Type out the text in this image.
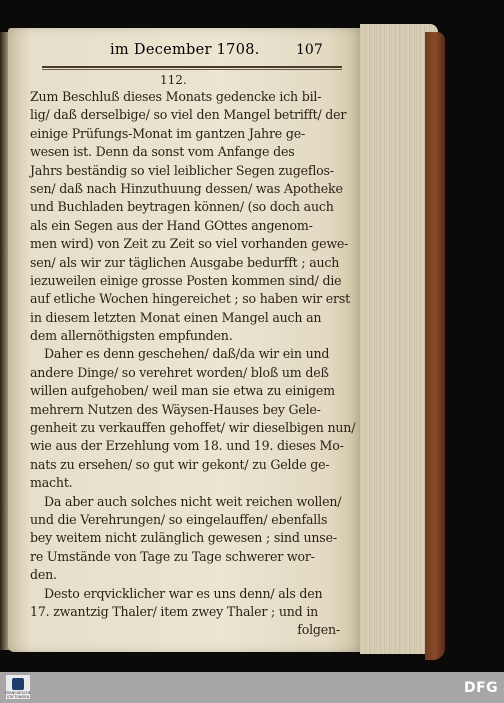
im December 1708.	107
112.
Zum Beschluß dieses Monats gedencke ich bil-
lig/ daß derselbige/ so viel den Mangel betrifft/ der
einige Prüfungs-Monat im gantzen Jahre ge-
wesen ist. Denn da sonst vom Anfange des
Jahrs beständig so viel leiblicher Segen zugeflos-
sen/ daß nach Hinzuthuung dessen/ was Apotheke
und Buchladen beytragen können/ (so doch auch
als ein Segen aus der Hand GOttes angenom-
men wird) von Zeit zu Zeit so viel vorhanden gewe-
sen/ als wir zur täglichen Ausgabe bedurfft ; auch
iezuweilen einige grosse Posten kommen sind/ die
auf etliche Wochen hingereichet ; so haben wir erst
in diesem letzten Monat einen Mangel auch an
dem allernöthigsten empfunden.
Daher es denn geschehen/ daß/da wir ein und
andere Dinge/ so verehret worden/ bloß um deß
willen aufgehoben/ weil man sie etwa zu einigem
mehrern Nutzen des Wäysen-Hauses bey Gele-
genheit zu verkauffen gehoffet/ wir dieselbigen nun/
wie aus der Erzehlung vom 18. und 19. dieses Mo-
nats zu ersehen/ so gut wir gekont/ zu Gelde ge-
macht.
Da aber auch solches nicht weit reichen wollen/
und die Verehrungen/ so eingelauffen/ ebenfalls
bey weitem nicht zulänglich gewesen ; sind unse-
re Umstände von Tage zu Tage schwerer wor-
den.
Desto erqvicklicher war es uns denn/ als den
17. zwantzig Thaler/ item zwey Thaler ; und in
folgen-
FRANCKESCHE STIFTUNGEN
DFG
